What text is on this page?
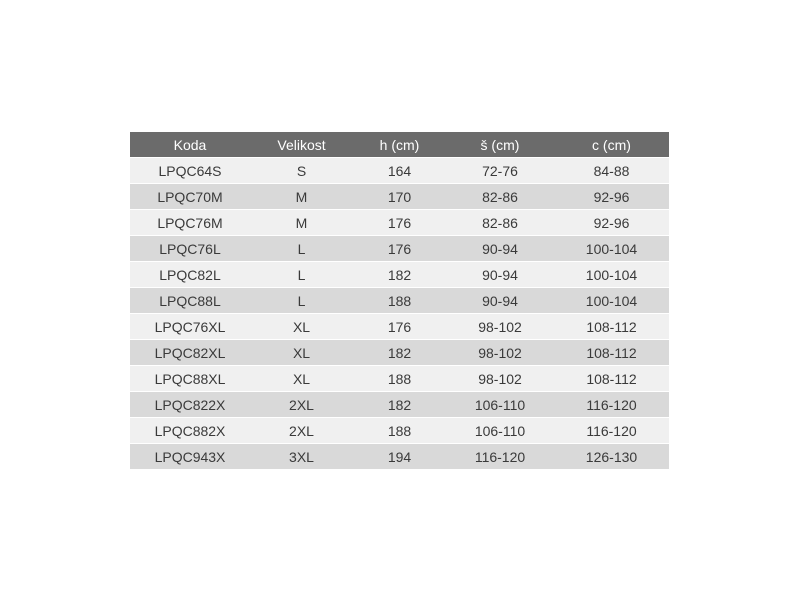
Koda	Velikost	h (cm)	š (cm)	c (cm)
LPQC64S	S	164	72-76	84-88
LPQC70M	M	170	82-86	92-96
LPQC76M	M	176	82-86	92-96
LPQC76L	L	176	90-94	100-104
LPQC82L	L	182	90-94	100-104
LPQC88L	L	188	90-94	100-104
LPQC76XL	XL	176	98-102	108-112
LPQC82XL	XL	182	98-102	108-112
LPQC88XL	XL	188	98-102	108-112
LPQC822X	2XL	182	106-110	116-120
LPQC882X	2XL	188	106-110	116-120
LPQC943X	3XL	194	116-120	126-130
